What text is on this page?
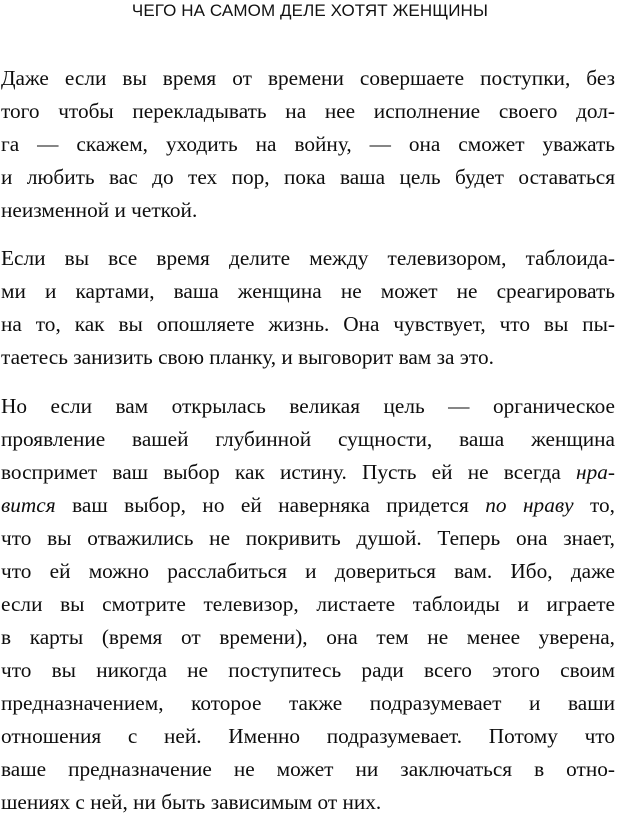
ЧЕГО НА САМОМ ДЕЛЕ ХОТЯТ ЖЕНЩИНЫ
Даже если вы время от времени совершаете поступки, без
того чтобы перекладывать на нее исполнение своего дол-
га — скажем, уходить на войну, — она сможет уважать
и любить вас до тех пор, пока ваша цель будет оставаться
неизменной и четкой.
Если вы все время делите между телевизором, таблоида-
ми и картами, ваша женщина не может не среагировать
на то, как вы опошляете жизнь. Она чувствует, что вы пы-
таетесь занизить свою планку, и выговорит вам за это.
Но если вам открылась великая цель — органическое
проявление вашей глубинной сущности, ваша женщина
воспримет ваш выбор как истину. Пусть ей не всегда нра-
вится ваш выбор, но ей наверняка придется по нраву то,
что вы отважились не покривить душой. Теперь она знает,
что ей можно расслабиться и довериться вам. Ибо, даже
если вы смотрите телевизор, листаете таблоиды и играете
в карты (время от времени), она тем не менее уверена,
что вы никогда не поступитесь ради всего этого своим
предназначением, которое также подразумевает и ваши
отношения с ней. Именно подразумевает. Потому что
ваше предназначение не может ни заключаться в отно-
шениях с ней, ни быть зависимым от них.
